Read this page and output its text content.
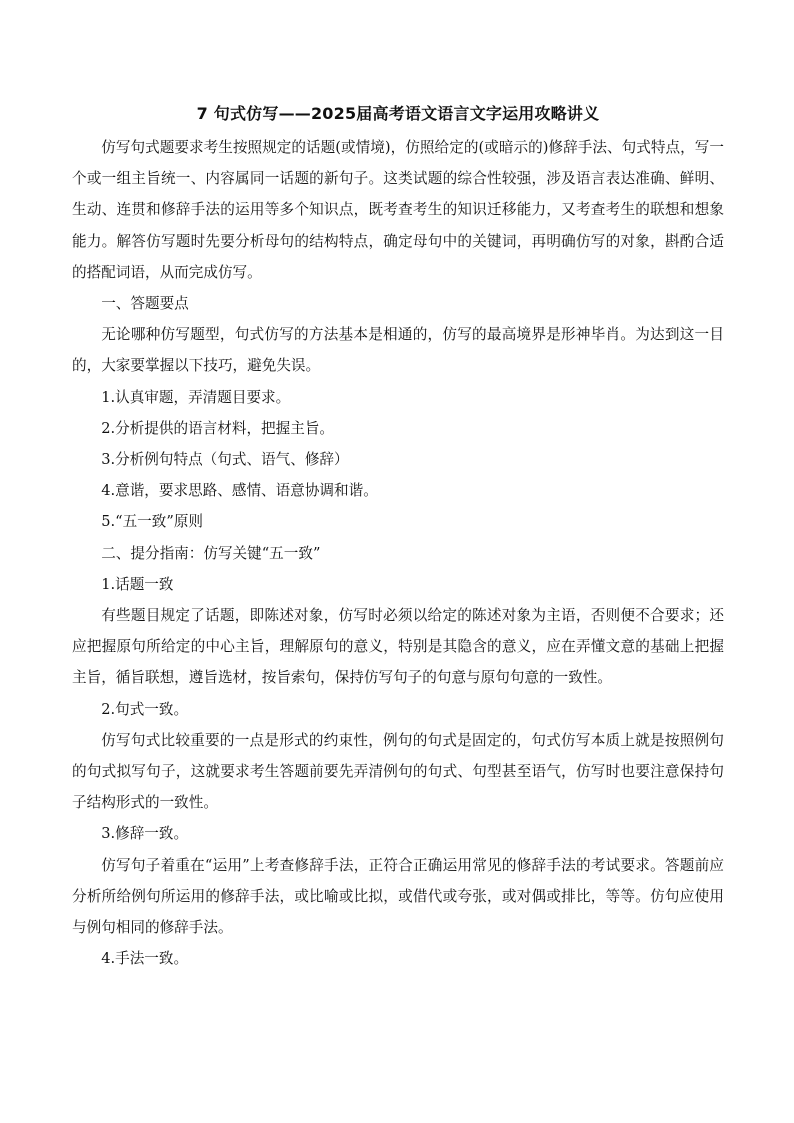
7 句式仿写——2025届高考语文语言文字运用攻略讲义

仿写句式题要求考生按照规定的话题(或情境)，仿照给定的(或暗示的)修辞手法、句式特点，写一个或一组主旨统一、内容属同一话题的新句子。这类试题的综合性较强，涉及语言表达准确、鲜明、生动、连贯和修辞手法的运用等多个知识点，既考查考生的知识迁移能力，又考查考生的联想和想象能力。解答仿写题时先要分析母句的结构特点，确定母句中的关键词，再明确仿写的对象，斟酌合适的搭配词语，从而完成仿写。

一、答题要点

无论哪种仿写题型，句式仿写的方法基本是相通的，仿写的最高境界是形神毕肖。为达到这一目的，大家要掌握以下技巧，避免失误。

1.认真审题，弄清题目要求。

2.分析提供的语言材料，把握主旨。

3.分析例句特点（句式、语气、修辞）

4.意谐，要求思路、感情、语意协调和谐。

5.“五一致”原则

二、提分指南：仿写关键“五一致”

1.话题一致

有些题目规定了话题，即陈述对象，仿写时必须以给定的陈述对象为主语，否则便不合要求；还应把握原句所给定的中心主旨，理解原句的意义，特别是其隐含的意义，应在弄懂文意的基础上把握主旨，循旨联想，遵旨选材，按旨索句，保持仿写句子的句意与原句句意的一致性。

2.句式一致。

仿写句式比较重要的一点是形式的约束性，例句的句式是固定的，句式仿写本质上就是按照例句的句式拟写句子，这就要求考生答题前要先弄清例句的句式、句型甚至语气，仿写时也要注意保持句子结构形式的一致性。

3.修辞一致。

仿写句子着重在“运用”上考查修辞手法，正符合正确运用常见的修辞手法的考试要求。答题前应分析所给例句所运用的修辞手法，或比喻或比拟，或借代或夸张，或对偶或排比，等等。仿句应使用与例句相同的修辞手法。

4.手法一致。
